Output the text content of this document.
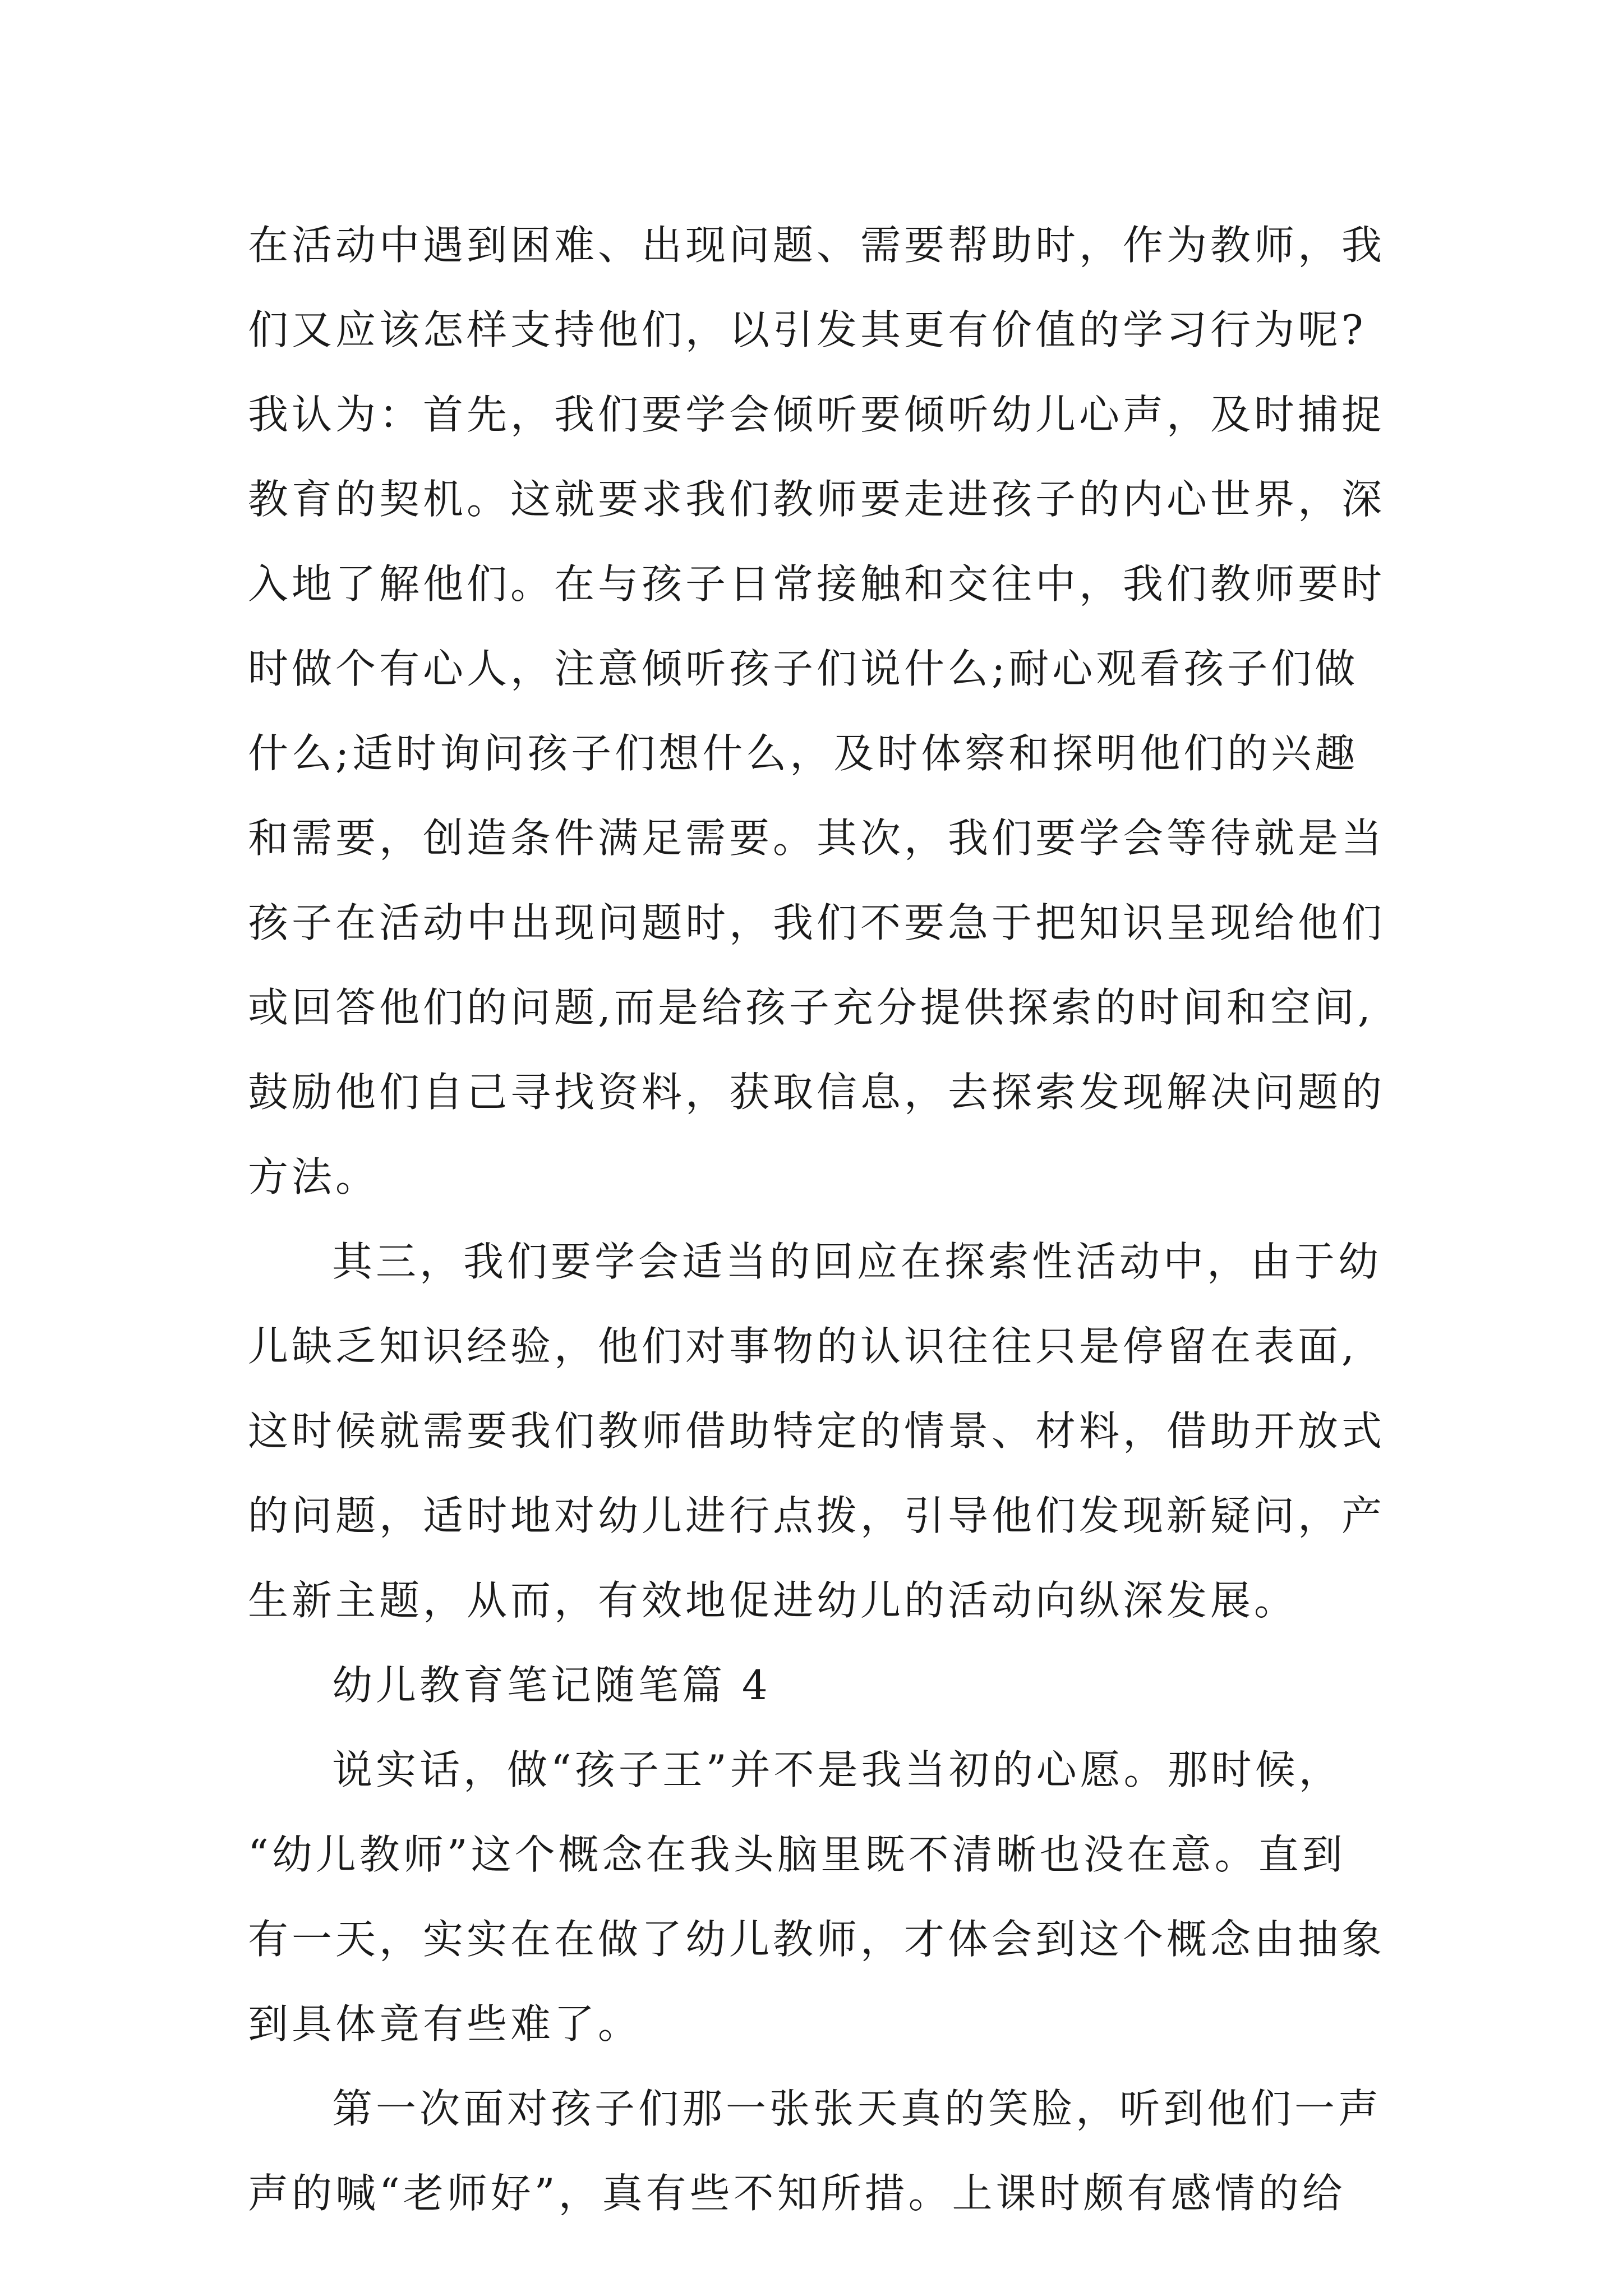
在活动中遇到困难、出现问题、需要帮助时，作为教师，我
们又应该怎样支持他们，以引发其更有价值的学习行为呢?
我认为：首先，我们要学会倾听要倾听幼儿心声，及时捕捉
教育的契机。这就要求我们教师要走进孩子的内心世界，深
入地了解他们。在与孩子日常接触和交往中，我们教师要时
时做个有心人，注意倾听孩子们说什么;耐心观看孩子们做
什么;适时询问孩子们想什么，及时体察和探明他们的兴趣
和需要，创造条件满足需要。其次，我们要学会等待就是当
孩子在活动中出现问题时，我们不要急于把知识呈现给他们
或回答他们的问题,而是给孩子充分提供探索的时间和空间,
鼓励他们自己寻找资料，获取信息，去探索发现解决问题的
方法。
其三，我们要学会适当的回应在探索性活动中，由于幼
儿缺乏知识经验，他们对事物的认识往往只是停留在表面,
这时候就需要我们教师借助特定的情景、材料，借助开放式
的问题，适时地对幼儿进行点拨，引导他们发现新疑问，产
生新主题，从而，有效地促进幼儿的活动向纵深发展。
幼儿教育笔记随笔篇 4
说实话，做“孩子王”并不是我当初的心愿。那时候，
“幼儿教师”这个概念在我头脑里既不清晰也没在意。直到
有一天，实实在在做了幼儿教师，才体会到这个概念由抽象
到具体竟有些难了。
第一次面对孩子们那一张张天真的笑脸，听到他们一声
声的喊“老师好”，真有些不知所措。上课时颇有感情的给
